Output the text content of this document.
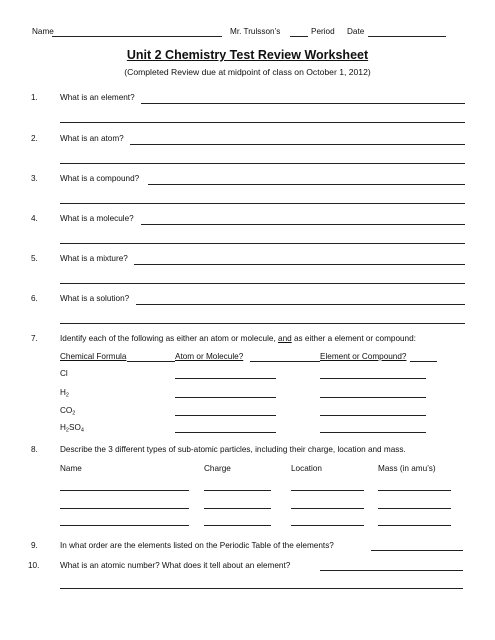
Name	Mr. Trulsson’s	Period Date
Unit 2 Chemistry Test Review Worksheet
(Completed Review due at midpoint of class on October 1, 2012)
1.	What is an element?
2.	What is an atom?
3.	What is a compound?
4.	What is a molecule?
5.	What is a mixture?
6.	What is a solution?
7.	Identify each of the following as either an atom or molecule, and as either a element or compound:
Chemical Formula	Atom or Molecule?	Element or Compound?
Cl
$H_2$
$CO_2$
$H_2SO_4$
8.	Describe the 3 different types of sub-atomic particles, including their charge, location and mass.
Name	Charge	Location	Mass (in amu’s)
9.	In what order are the elements listed on the Periodic Table of the elements?
10.	What is an atomic number? What does it tell about an element?
